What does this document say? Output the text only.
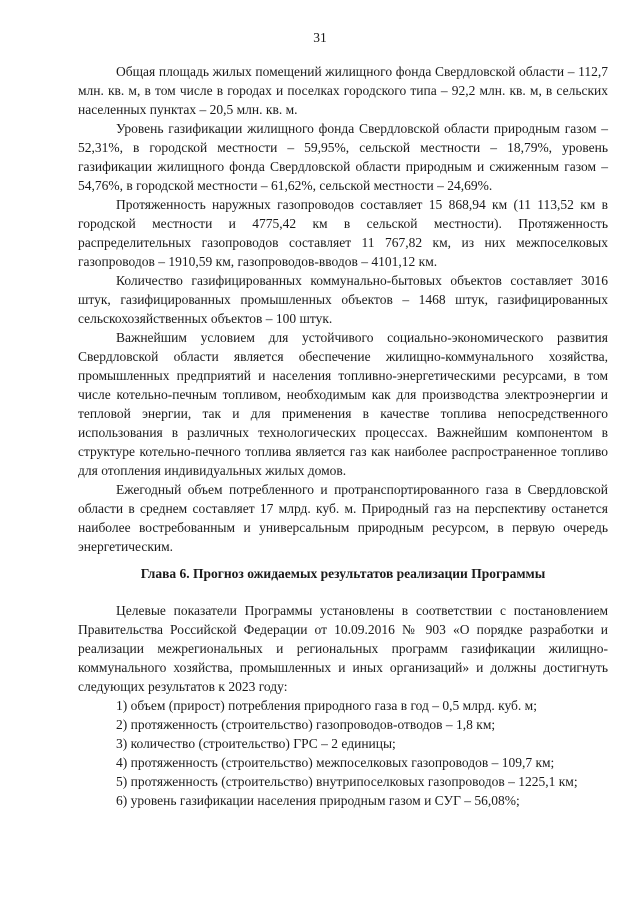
31

Общая площадь жилых помещений жилищного фонда Свердловской области – 112,7 млн. кв. м, в том числе в городах и поселках городского типа – 92,2 млн. кв. м, в сельских населенных пунктах – 20,5 млн. кв. м.

Уровень газификации жилищного фонда Свердловской области природным газом – 52,31%, в городской местности – 59,95%, сельской местности – 18,79%, уровень газификации жилищного фонда Свердловской области природным и сжиженным газом – 54,76%, в городской местности – 61,62%, сельской местности – 24,69%.

Протяженность наружных газопроводов составляет 15 868,94 км (11 113,52 км в городской местности и 4775,42 км в сельской местности). Протяженность распределительных газопроводов составляет 11 767,82 км, из них межпоселковых газопроводов – 1910,59 км, газопроводов-вводов – 4101,12 км.

Количество газифицированных коммунально-бытовых объектов составляет 3016 штук, газифицированных промышленных объектов – 1468 штук, газифицированных сельскохозяйственных объектов – 100 штук.

Важнейшим условием для устойчивого социально-экономического развития Свердловской области является обеспечение жилищно-коммунального хозяйства, промышленных предприятий и населения топливно-энергетическими ресурсами, в том числе котельно-печным топливом, необходимым как для производства электроэнергии и тепловой энергии, так и для применения в качестве топлива непосредственного использования в различных технологических процессах. Важнейшим компонентом в структуре котельно-печного топлива является газ как наиболее распространенное топливо для отопления индивидуальных жилых домов.

Ежегодный объем потребленного и протранспортированного газа в Свердловской области в среднем составляет 17 млрд. куб. м. Природный газ на перспективу останется наиболее востребованным и универсальным природным ресурсом, в первую очередь энергетическим.

Глава 6. Прогноз ожидаемых результатов реализации Программы

Целевые показатели Программы установлены в соответствии с постановлением Правительства Российской Федерации от 10.09.2016 № 903 «О порядке разработки и реализации межрегиональных и региональных программ газификации жилищно-коммунального хозяйства, промышленных и иных организаций» и должны достигнуть следующих результатов к 2023 году:

1) объем (прирост) потребления природного газа в год – 0,5 млрд. куб. м;

2) протяженность (строительство) газопроводов-отводов – 1,8 км;

3) количество (строительство) ГРС – 2 единицы;

4) протяженность (строительство) межпоселковых газопроводов – 109,7 км;

5) протяженность (строительство) внутрипоселковых газопроводов – 1225,1 км;

6) уровень газификации населения природным газом и СУГ – 56,08%;
